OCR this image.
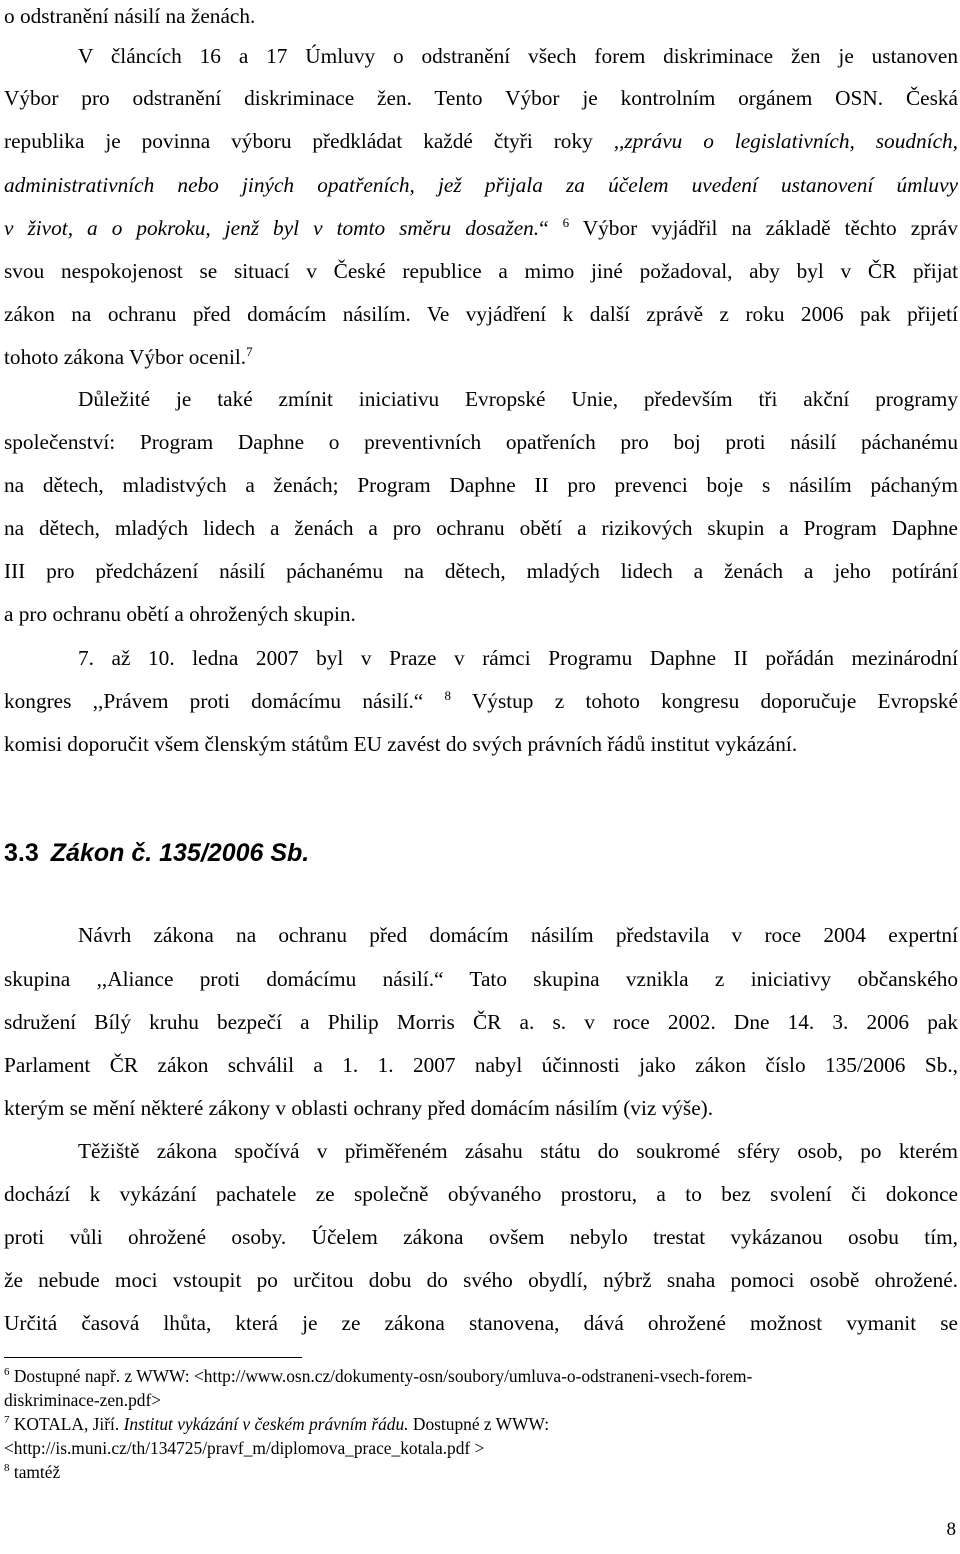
o odstranění násilí na ženách.
V článcích 16 a 17 Úmluvy o odstranění všech forem diskriminace žen je ustanoven
Výbor pro odstranění diskriminace žen. Tento Výbor je kontrolním orgánem OSN. Česká
republika je povinna výboru předkládat každé čtyři roky ,,zprávu o legislativních, soudních,
administrativních nebo jiných opatřeních, jež přijala za účelem uvedení ustanovení úmluvy
v život, a o pokroku, jenž byl v tomto směru dosažen.“ $^6$ Výbor vyjádřil na základě těchto zpráv
svou nespokojenost se situací v České republice a mimo jiné požadoval, aby byl v ČR přijat
zákon na ochranu před domácím násilím. Ve vyjádření k další zprávě z roku 2006 pak přijetí
tohoto zákona Výbor ocenil.$^7$
Důležité je také zmínit iniciativu Evropské Unie, především tři akční programy
společenství: Program Daphne o preventivních opatřeních pro boj proti násilí páchanému
na dětech, mladistvých a ženách; Program Daphne II pro prevenci boje s násilím páchaným
na dětech, mladých lidech a ženách a pro ochranu obětí a rizikových skupin a Program Daphne
III pro předcházení násilí páchanému na dětech, mladých lidech a ženách a jeho potírání
a pro ochranu obětí a ohrožených skupin.
7. až 10. ledna 2007 byl v Praze v rámci Programu Daphne II pořádán mezinárodní
kongres ,,Právem proti domácímu násilí.“ $^8$ Výstup z tohoto kongresu doporučuje Evropské
komisi doporučit všem členským státům EU zavést do svých právních řádů institut vykázání.
3.3 Zákon č. 135/2006 Sb.
Návrh zákona na ochranu před domácím násilím představila v roce 2004 expertní
skupina ,,Aliance proti domácímu násilí.“ Tato skupina vznikla z iniciativy občanského
sdružení Bílý kruhu bezpečí a Philip Morris ČR a. s. v roce 2002. Dne 14. 3. 2006 pak
Parlament ČR zákon schválil a 1. 1. 2007 nabyl účinnosti jako zákon číslo 135/2006 Sb.,
kterým se mění některé zákony v oblasti ochrany před domácím násilím (viz výše).
Těžiště zákona spočívá v přiměřeném zásahu státu do soukromé sféry osob, po kterém
dochází k vykázání pachatele ze společně obývaného prostoru, a to bez svolení či dokonce
proti vůli ohrožené osoby. Účelem zákona ovšem nebylo trestat vykázanou osobu tím,
že nebude moci vstoupit po určitou dobu do svého obydlí, nýbrž snaha pomoci osobě ohrožené.
Určitá časová lhůta, která je ze zákona stanovena, dává ohrožené možnost vymanit se
$^6$ Dostupné např. z WWW: <http://www.osn.cz/dokumenty-osn/soubory/umluva-o-odstraneni-vsech-forem-
diskriminace-zen.pdf>
$^7$ KOTALA, Jiří. Institut vykázání v českém právním řádu. Dostupné z WWW:
<http://is.muni.cz/th/134725/pravf_m/diplomova_prace_kotala.pdf >
$^8$ tamtéž
8
